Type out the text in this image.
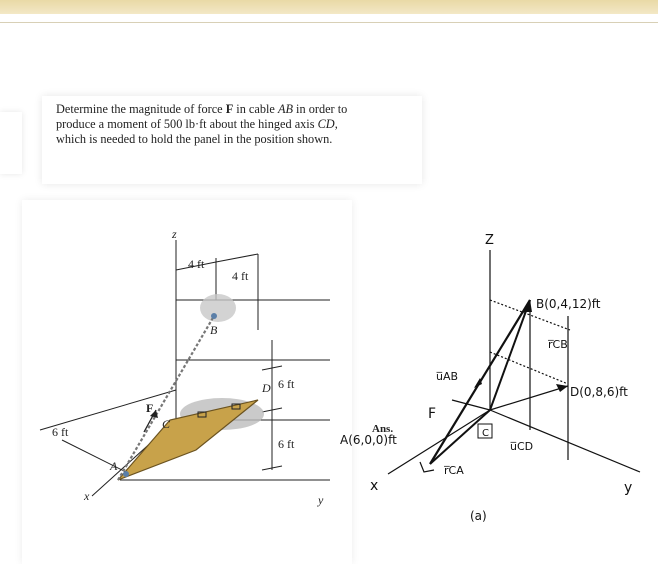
Determine the magnitude of force F in cable AB in order to
produce a moment of 500 lb·ft about the hinged axis CD,
which is needed to hold the panel in the position shown.
4 ft
4 ft
6 ft
6 ft
6 ft
z
x	y
B
D
C
A
F
Ans.
Z
B(0,4,12)ft
r̅CB
u̅AB
F
D(0,8,6)ft
A(6,0,0)ft	C
u̅CD
r̅CA
x	y
(a)
